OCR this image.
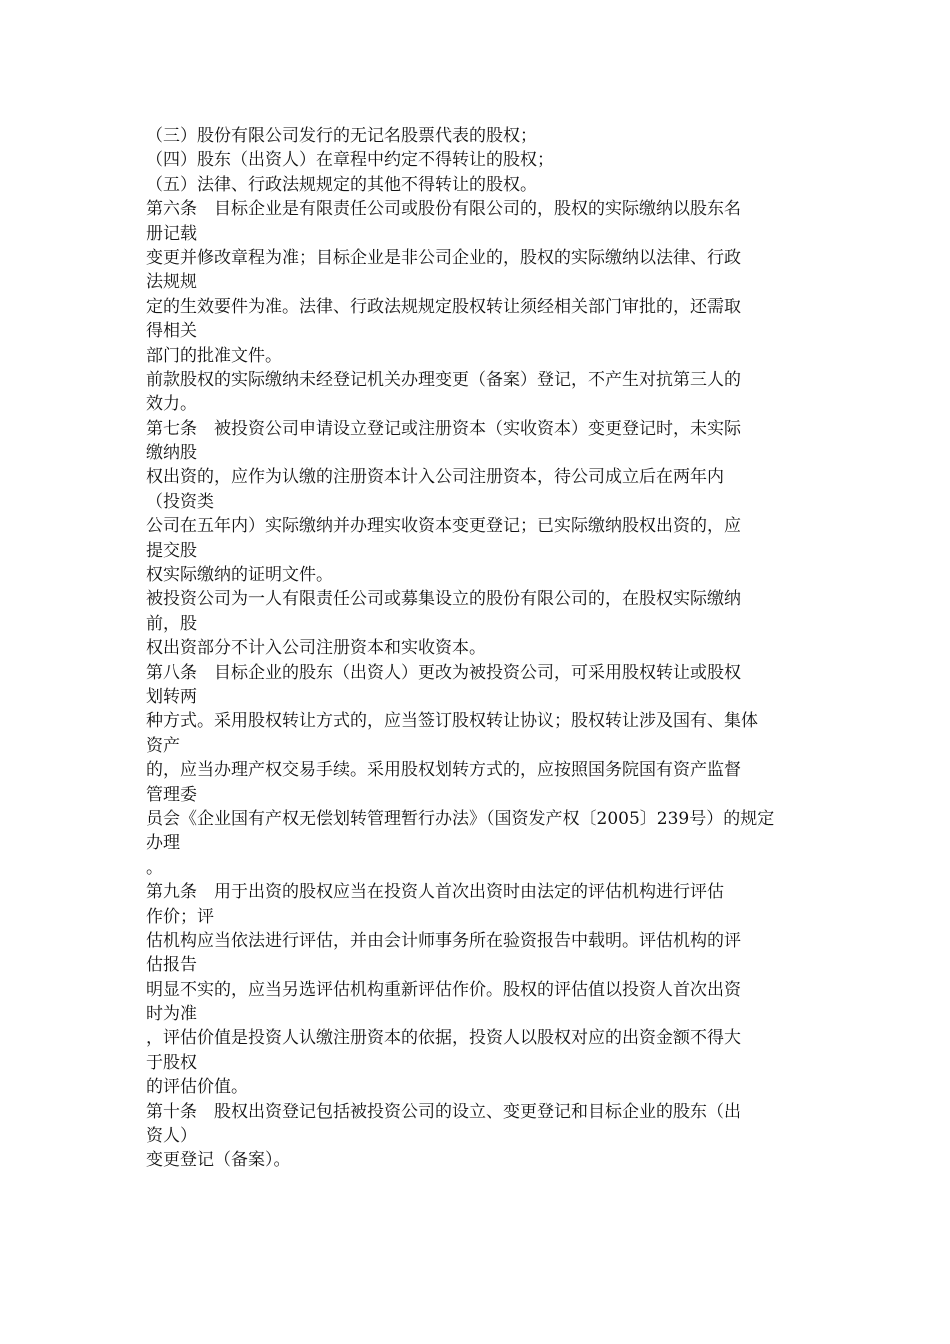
（三）股份有限公司发行的无记名股票代表的股权；
（四）股东（出资人）在章程中约定不得转让的股权；
（五）法律、行政法规规定的其他不得转让的股权。
第六条　目标企业是有限责任公司或股份有限公司的，股权的实际缴纳以股东名
册记载
变更并修改章程为准；目标企业是非公司企业的，股权的实际缴纳以法律、行政
法规规
定的生效要件为准。法律、行政法规规定股权转让须经相关部门审批的，还需取
得相关
部门的批准文件。
前款股权的实际缴纳未经登记机关办理变更（备案）登记，不产生对抗第三人的
效力。
第七条　被投资公司申请设立登记或注册资本（实收资本）变更登记时，未实际
缴纳股
权出资的，应作为认缴的注册资本计入公司注册资本，待公司成立后在两年内
（投资类
公司在五年内）实际缴纳并办理实收资本变更登记；已实际缴纳股权出资的，应
提交股
权实际缴纳的证明文件。
被投资公司为一人有限责任公司或募集设立的股份有限公司的，在股权实际缴纳
前，股
权出资部分不计入公司注册资本和实收资本。
第八条　目标企业的股东（出资人）更改为被投资公司，可采用股权转让或股权
划转两
种方式。采用股权转让方式的，应当签订股权转让协议；股权转让涉及国有、集体
资产
的，应当办理产权交易手续。采用股权划转方式的，应按照国务院国有资产监督
管理委
员会《企业国有产权无偿划转管理暂行办法》（国资发产权〔2005〕239号）的规定
办理
。
第九条　用于出资的股权应当在投资人首次出资时由法定的评估机构进行评估
作价；评
估机构应当依法进行评估，并由会计师事务所在验资报告中载明。评估机构的评
估报告
明显不实的，应当另选评估机构重新评估作价。股权的评估值以投资人首次出资
时为准
，评估价值是投资人认缴注册资本的依据，投资人以股权对应的出资金额不得大
于股权
的评估价值。
第十条　股权出资登记包括被投资公司的设立、变更登记和目标企业的股东（出
资人）
变更登记（备案）。
